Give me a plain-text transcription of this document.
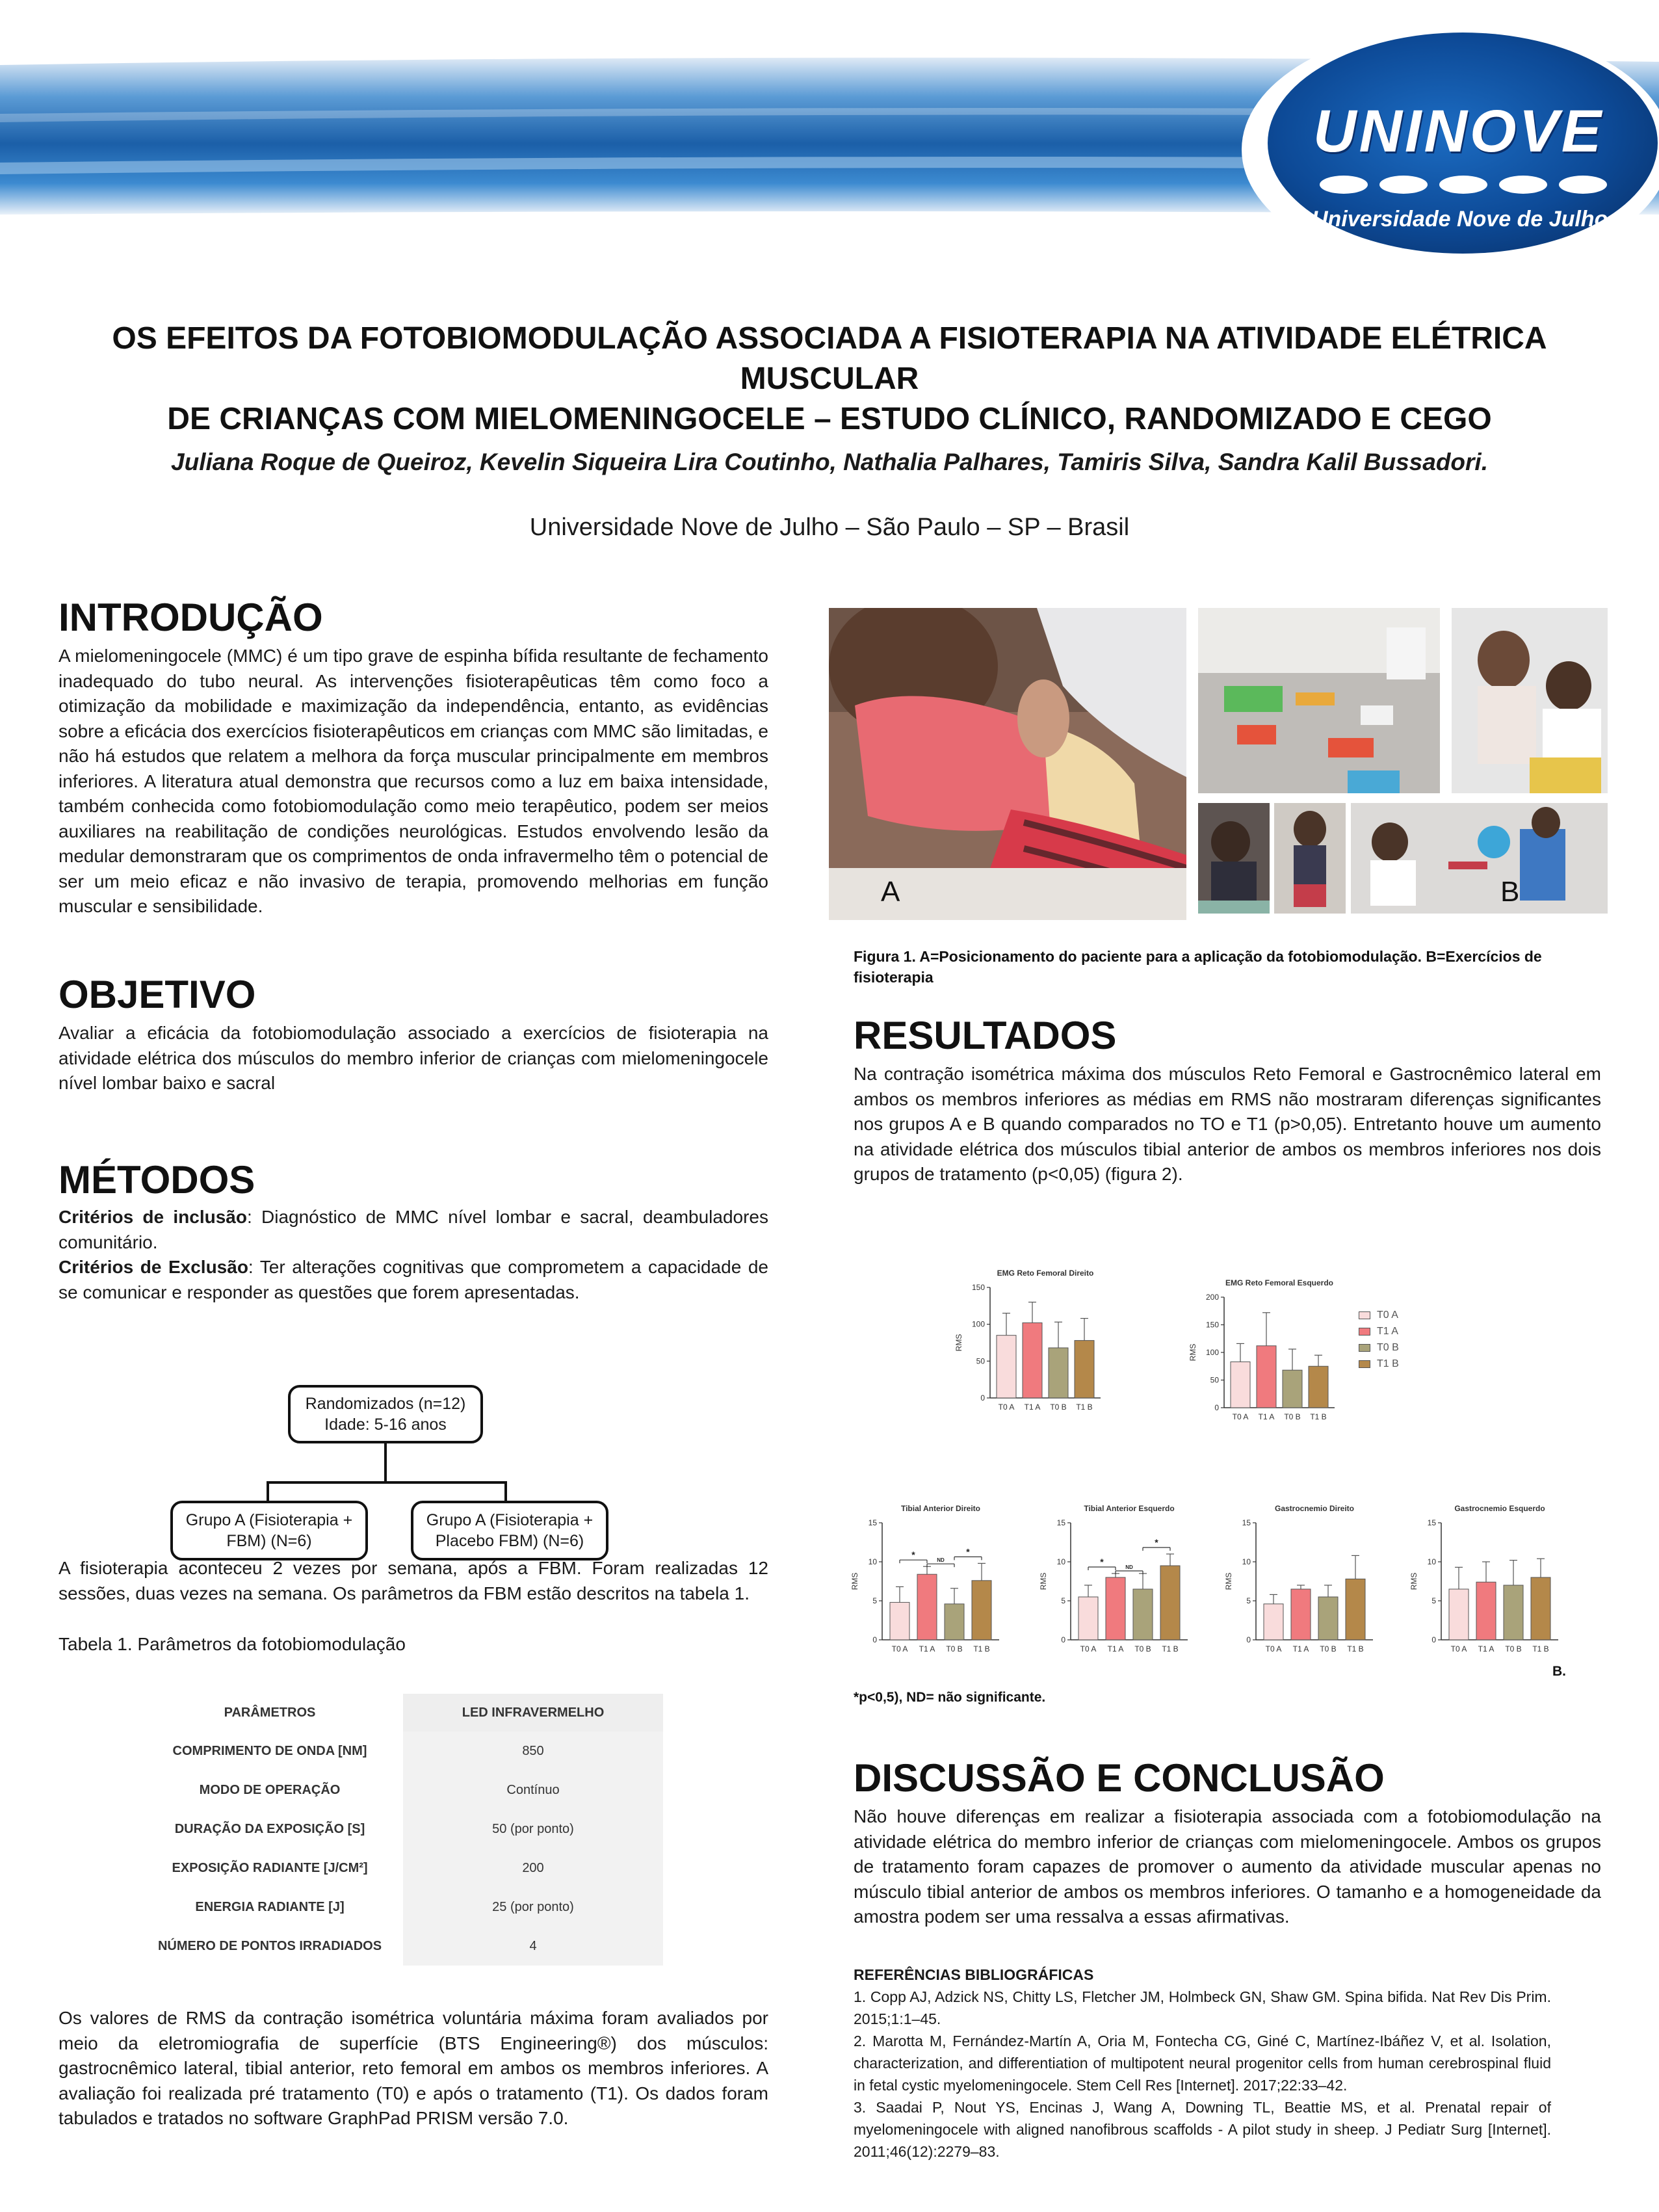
UNINOVE
Universidade Nove de Julho
OS EFEITOS DA FOTOBIOMODULAÇÃO ASSOCIADA A FISIOTERAPIA NA ATIVIDADE ELÉTRICA MUSCULAR
DE CRIANÇAS COM MIELOMENINGOCELE – ESTUDO CLÍNICO, RANDOMIZADO E CEGO
Juliana Roque de Queiroz, Kevelin Siqueira Lira Coutinho, Nathalia Palhares, Tamiris Silva, Sandra Kalil Bussadori.
Universidade Nove de Julho – São Paulo – SP – Brasil
INTRODUÇÃO
A mielomeningocele (MMC) é um tipo grave de espinha bífida resultante de fechamento inadequado do tubo neural. As intervenções fisioterapêuticas têm como foco a otimização da mobilidade e maximização da independência, entanto, as evidências sobre a eficácia dos exercícios fisioterapêuticos em crianças com MMC são limitadas, e não há estudos que relatem a melhora da força muscular principalmente em membros inferiores. A literatura atual demonstra que recursos como a luz em baixa intensidade, também conhecida como fotobiomodulação como meio terapêutico, podem ser meios auxiliares na reabilitação de condições neurológicas. Estudos envolvendo lesão da medular demonstraram que os comprimentos de onda infravermelho têm o potencial de ser um meio eficaz e não invasivo de terapia, promovendo melhorias em função muscular e sensibilidade.
OBJETIVO
Avaliar a eficácia da fotobiomodulação associado a exercícios de fisioterapia na atividade elétrica dos músculos do membro inferior de crianças com mielomeningocele nível lombar baixo e sacral
MÉTODOS
Critérios de inclusão: Diagnóstico de MMC nível lombar e sacral, deambuladores comunitário.
Critérios de Exclusão: Ter alterações cognitivas que comprometem a capacidade de se comunicar e responder as questões que forem apresentadas.
Randomizados (n=12)
Idade: 5-16 anos
Grupo A (Fisioterapia +
FBM) (N=6)
Grupo A (Fisioterapia +
Placebo FBM) (N=6)
A fisioterapia aconteceu 2 vezes por semana, após a FBM. Foram realizadas 12 sessões, duas vezes na semana. Os parâmetros da FBM estão descritos na tabela 1.
Tabela 1. Parâmetros da fotobiomodulação
PARÂMETROS	LED INFRAVERMELHO
COMPRIMENTO DE ONDA [NM]	850
MODO DE OPERAÇÃO	Contínuo
DURAÇÃO DA EXPOSIÇÃO [S]	50 (por ponto)
EXPOSIÇÃO RADIANTE [J/CM²]	200
ENERGIA RADIANTE [J]	25 (por ponto)
NÚMERO DE PONTOS IRRADIADOS	4
Os valores de RMS da contração isométrica voluntária máxima foram avaliados por meio da eletromiografia de superfície (BTS Engineering®) dos músculos: gastrocnêmico lateral, tibial anterior, reto femoral em ambos os membros inferiores. A avaliação foi realizada pré tratamento (T0) e após o tratamento (T1). Os dados foram tabulados e tratados no software GraphPad PRISM versão 7.0.
A	B
Figura 1. A=Posicionamento do paciente para a aplicação da fotobiomodulação. B=Exercícios de fisioterapia
RESULTADOS
Na contração isométrica máxima dos músculos Reto Femoral e Gastrocnêmico lateral em ambos os membros inferiores as médias em RMS não mostraram diferenças significantes nos grupos A e B quando comparados no TO e T1 (p>0,05). Entretanto houve um aumento na atividade elétrica dos músculos tibial anterior de ambos os membros inferiores nos dois grupos de tratamento (p<0,05) (figura 2).
EMG Reto Femoral Direito
0
50
100
150
RMS
T0 A T1 A T0 B T1 B
EMG Reto Femoral Esquerdo
0
50
100
150
200
RMS
T0 A T1 A T0 B T1 B
T0 A
T1 A
T0 B
T1 B
Tibial Anterior Direito
0
5
10
15
RMS
T0 A T1 A T0 B T1 B
*
ND
*
Tibial Anterior Esquerdo
0
5
10
15
RMS
T0 A T1 A T0 B T1 B
*
ND
*
Gastrocnemio Direito
0
5
10
15
RMS
T0 A T1 A T0 B T1 B
Gastrocnemio Esquerdo
0
5
10
15
RMS
T0 A T1 A T0 B T1 B
B.
*p<0,5), ND= não significante.
DISCUSSÃO E CONCLUSÃO
Não houve diferenças em realizar a fisioterapia associada com a fotobiomodulação na atividade elétrica do membro inferior de crianças com mielomeningocele. Ambos os grupos de tratamento foram capazes de promover o aumento da atividade muscular apenas no músculo tibial anterior de ambos os membros inferiores. O tamanho e a homogeneidade da amostra podem ser uma ressalva a essas afirmativas.
REFERÊNCIAS BIBLIOGRÁFICAS
1. Copp AJ, Adzick NS, Chitty LS, Fletcher JM, Holmbeck GN, Shaw GM. Spina bifida. Nat Rev Dis Prim. 2015;1:1–45.
2. Marotta M, Fernández-Martín A, Oria M, Fontecha CG, Giné C, Martínez-Ibáñez V, et al. Isolation, characterization, and differentiation of multipotent neural progenitor cells from human cerebrospinal fluid in fetal cystic myelomeningocele. Stem Cell Res [Internet]. 2017;22:33–42.
3. Saadai P, Nout YS, Encinas J, Wang A, Downing TL, Beattie MS, et al. Prenatal repair of myelomeningocele with aligned nanofibrous scaffolds - A pilot study in sheep. J Pediatr Surg [Internet]. 2011;46(12):2279–83.
